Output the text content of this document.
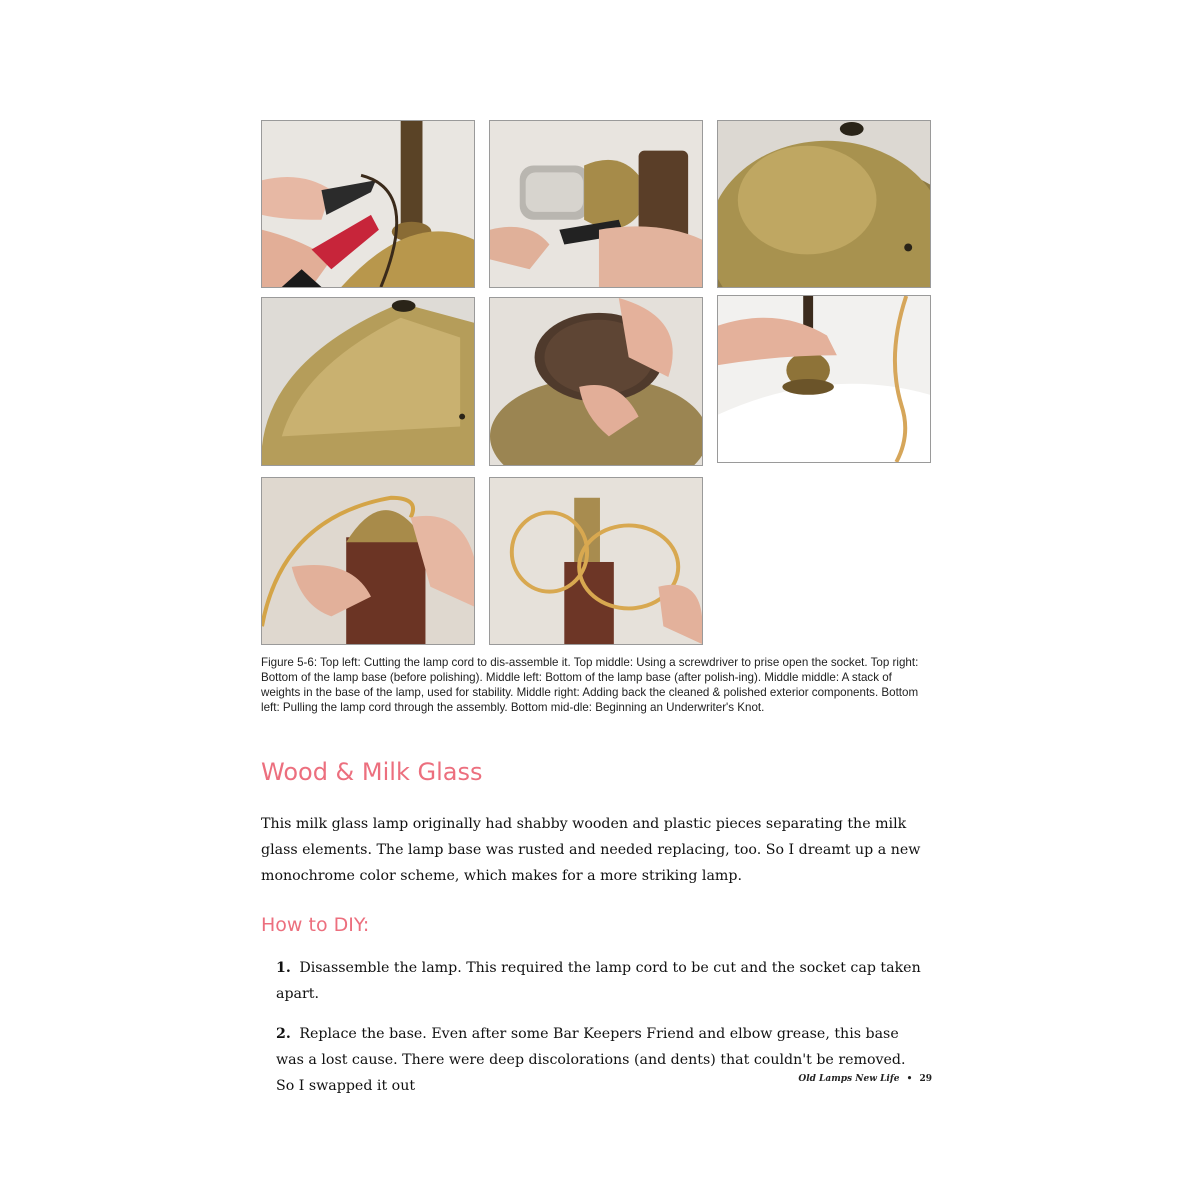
Figure 5-6: Top left: Cutting the lamp cord to dis-assemble it. Top middle: Using a screwdriver to prise open the socket. Top right: Bottom of the lamp base (before polishing). Middle left: Bottom of the lamp base (after polish-ing). Middle middle: A stack of weights in the base of the lamp, used for stability. Middle right: Adding back the cleaned & polished exterior components. Bottom left: Pulling the lamp cord through the assembly. Bottom mid-dle: Beginning an Underwriter's Knot.

Wood & Milk Glass

This milk glass lamp originally had shabby wooden and plastic pieces separating the milk glass elements. The lamp base was rusted and needed replacing, too. So I dreamt up a new monochrome color scheme, which makes for a more striking lamp.

How to DIY:
1. Disassemble the lamp. This required the lamp cord to be cut and the socket cap taken apart.
2. Replace the base. Even after some Bar Keepers Friend and elbow grease, this base was a lost cause. There were deep discolorations (and dents) that couldn't be removed. So I swapped it out	Old Lamps New Life • 29
